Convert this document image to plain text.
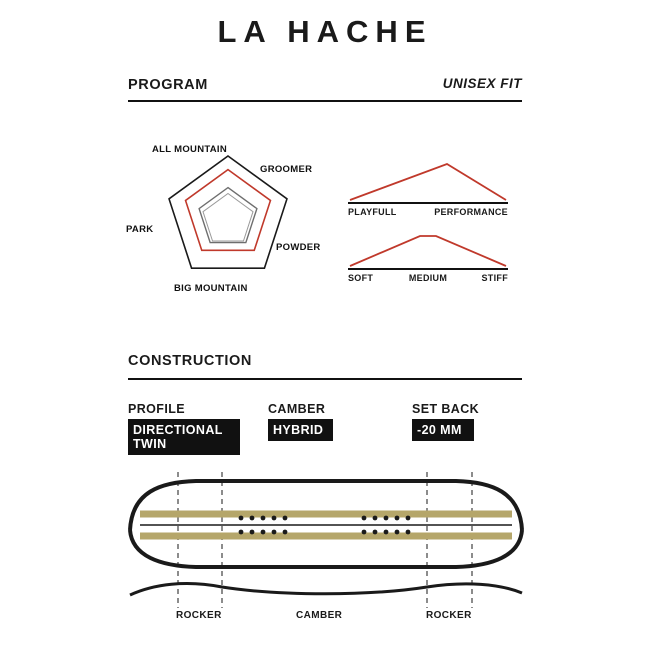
LA HACHE
PROGRAM	UNISEX FIT
ALL MOUNTAIN
GROOMER
POWDER
BIG MOUNTAIN
PARK
PLAYFULL	PERFORMANCE
SOFT	MEDIUM	STIFF
CONSTRUCTION
PROFILE
DIRECTIONAL TWIN
CAMBER
HYBRID
SET BACK
-20 MM
ROCKER	CAMBER	ROCKER
